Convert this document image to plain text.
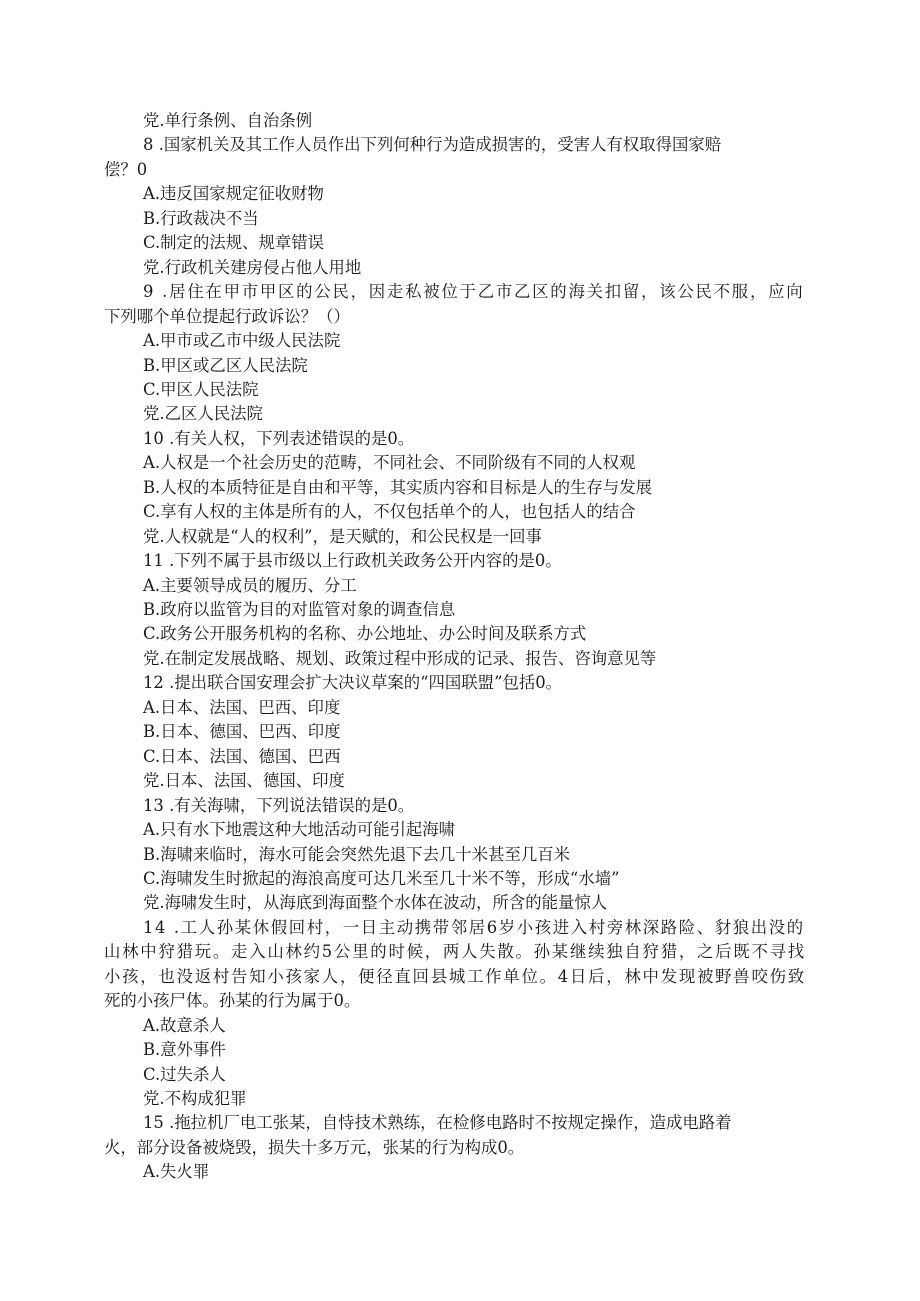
党.单行条例、自治条例
8 .国家机关及其工作人员作出下列何种行为造成损害的，受害人有权取得国家赔
偿？0
A.违反国家规定征收财物
B.行政裁决不当
C.制定的法规、规章错误
党.行政机关建房侵占他人用地
9 .居住在甲市甲区的公民，因走私被位于乙市乙区的海关扣留，该公民不服，应向
下列哪个单位提起行政诉讼？（）
A.甲市或乙市中级人民法院
B.甲区或乙区人民法院
C.甲区人民法院
党.乙区人民法院
10 .有关人权，下列表述错误的是0。
A.人权是一个社会历史的范畴，不同社会、不同阶级有不同的人权观
B.人权的本质特征是自由和平等，其实质内容和目标是人的生存与发展
C.享有人权的主体是所有的人，不仅包括单个的人，也包括人的结合
党.人权就是“人的权利”，是天赋的，和公民权是一回事
11 .下列不属于县市级以上行政机关政务公开内容的是0。
A.主要领导成员的履历、分工
B.政府以监管为目的对监管对象的调查信息
C.政务公开服务机构的名称、办公地址、办公时间及联系方式
党.在制定发展战略、规划、政策过程中形成的记录、报告、咨询意见等
12 .提出联合国安理会扩大决议草案的“四国联盟”包括0。
A.日本、法国、巴西、印度
B.日本、德国、巴西、印度
C.日本、法国、德国、巴西
党.日本、法国、德国、印度
13 .有关海啸，下列说法错误的是0。
A.只有水下地震这种大地活动可能引起海啸
B.海啸来临时，海水可能会突然先退下去几十米甚至几百米
C.海啸发生时掀起的海浪高度可达几米至几十米不等，形成“水墙”
党.海啸发生时，从海底到海面整个水体在波动，所含的能量惊人
14 .工人孙某休假回村，一日主动携带邻居6岁小孩进入村旁林深路险、豺狼出没的
山林中狩猎玩。走入山林约5公里的时候，两人失散。孙某继续独自狩猎，之后既不寻找
小孩，也没返村告知小孩家人，便径直回县城工作单位。4日后，林中发现被野兽咬伤致
死的小孩尸体。孙某的行为属于0。
A.故意杀人
B.意外事件
C.过失杀人
党.不构成犯罪
15 .拖拉机厂电工张某，自恃技术熟练，在检修电路时不按规定操作，造成电路着
火，部分设备被烧毁，损失十多万元，张某的行为构成0。
A.失火罪
